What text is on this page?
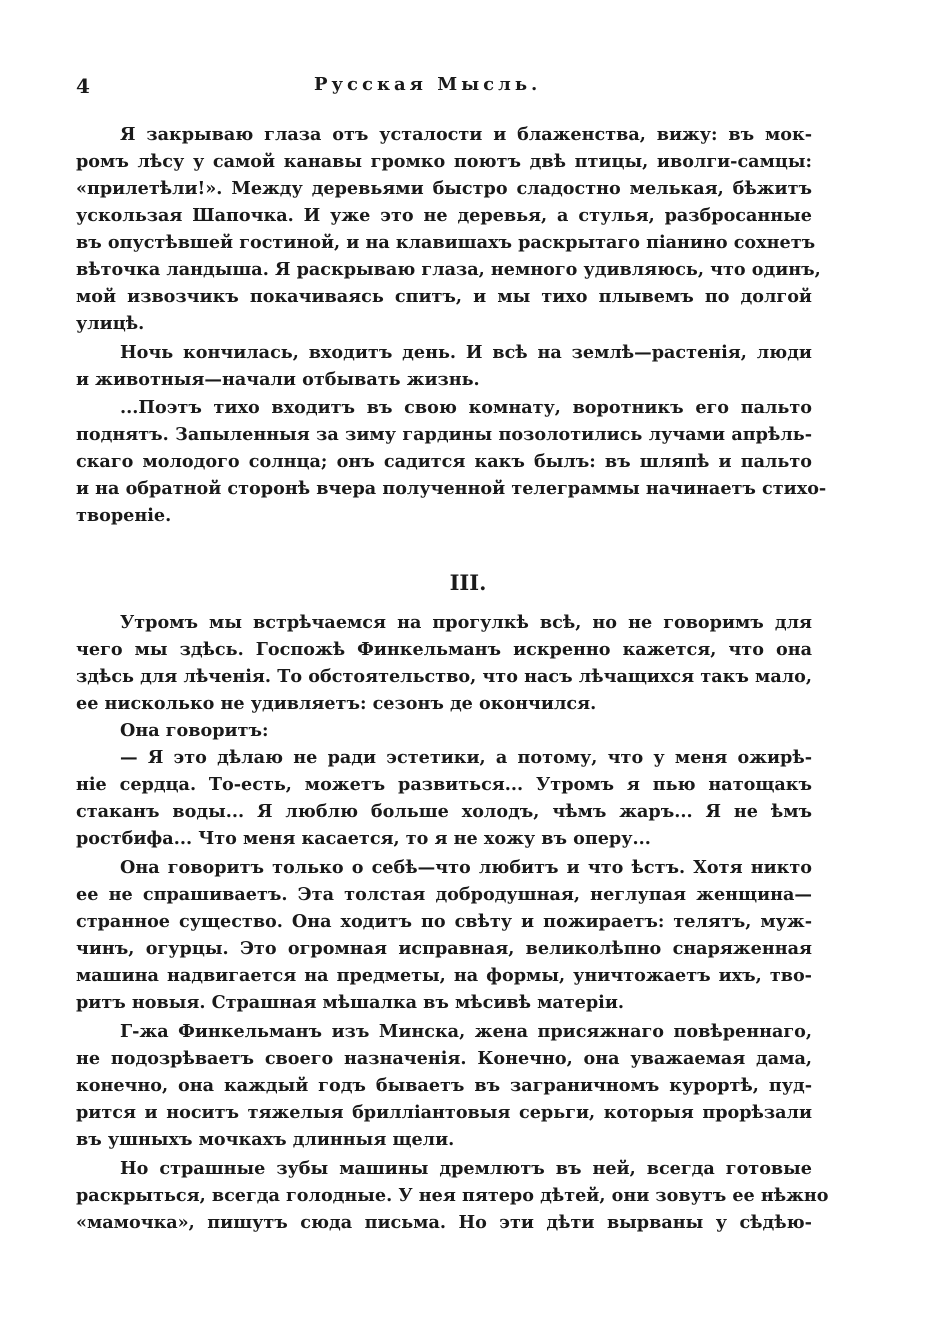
4	Русская Мысль.
Я закрываю глаза отъ усталости и блаженства, вижу: въ мок-
ромъ лѣсу у самой канавы громко поютъ двѣ птицы, иволги-самцы:
«прилетѣли!». Между деревьями быстро сладостно мелькая, бѣжитъ
ускользая Шапочка. И уже это не деревья, а стулья, разбросанные
въ опустѣвшей гостиной, и на клавишахъ раскрытаго піанино сохнетъ
вѣточка ландыша. Я раскрываю глаза, немного удивляюсь, что одинъ,
мой извозчикъ покачиваясь спитъ, и мы тихо плывемъ по долгой
улицѣ.
Ночь кончилась, входитъ день. И всѣ на землѣ—растенія, люди
и животныя—начали отбывать жизнь.
...Поэтъ тихо входитъ въ свою комнату, воротникъ его пальто
поднятъ. Запыленныя за зиму гардины позолотились лучами апрѣль-
скаго молодого солнца; онъ садится какъ былъ: въ шляпѣ и пальто
и на обратной сторонѣ вчера полученной телеграммы начинаетъ стихо-
твореніе.
III.
Утромъ мы встрѣчаемся на прогулкѣ всѣ, но не говоримъ для
чего мы здѣсь. Госпожѣ Финкельманъ искренно кажется, что она
здѣсь для лѣченія. То обстоятельство, что насъ лѣчащихся такъ мало,
ее нисколько не удивляетъ: сезонъ де окончился.
Она говоритъ:
— Я это дѣлаю не ради эстетики, а потому, что у меня ожирѣ-
ніе сердца. То-есть, можетъ развиться... Утромъ я пью натощакъ
стаканъ воды... Я люблю больше холодъ, чѣмъ жаръ... Я не ѣмъ
ростбифа... Что меня касается, то я не хожу въ оперу...
Она говоритъ только о себѣ—что любитъ и что ѣстъ. Хотя никто
ее не спрашиваетъ. Эта толстая добродушная, неглупая женщина—
странное существо. Она ходитъ по свѣту и пожираетъ: телятъ, муж-
чинъ, огурцы. Это огромная исправная, великолѣпно снаряженная
машина надвигается на предметы, на формы, уничтожаетъ ихъ, тво-
ритъ новыя. Страшная мѣшалка въ мѣсивѣ матеріи.
Г-жа Финкельманъ изъ Минска, жена присяжнаго повѣреннаго,
не подозрѣваетъ своего назначенія. Конечно, она уважаемая дама,
конечно, она каждый годъ бываетъ въ заграничномъ курортѣ, пуд-
рится и носитъ тяжелыя бриллiантовыя серьги, которыя прорѣзали
въ ушныхъ мочкахъ длинныя щели.
Но страшные зубы машины дремлютъ въ ней, всегда готовые
раскрыться, всегда голодные. У нея пятеро дѣтей, они зовутъ ее нѣжно
«мамочка», пишутъ сюда письма. Но эти дѣти вырваны у сѣдѣю-
